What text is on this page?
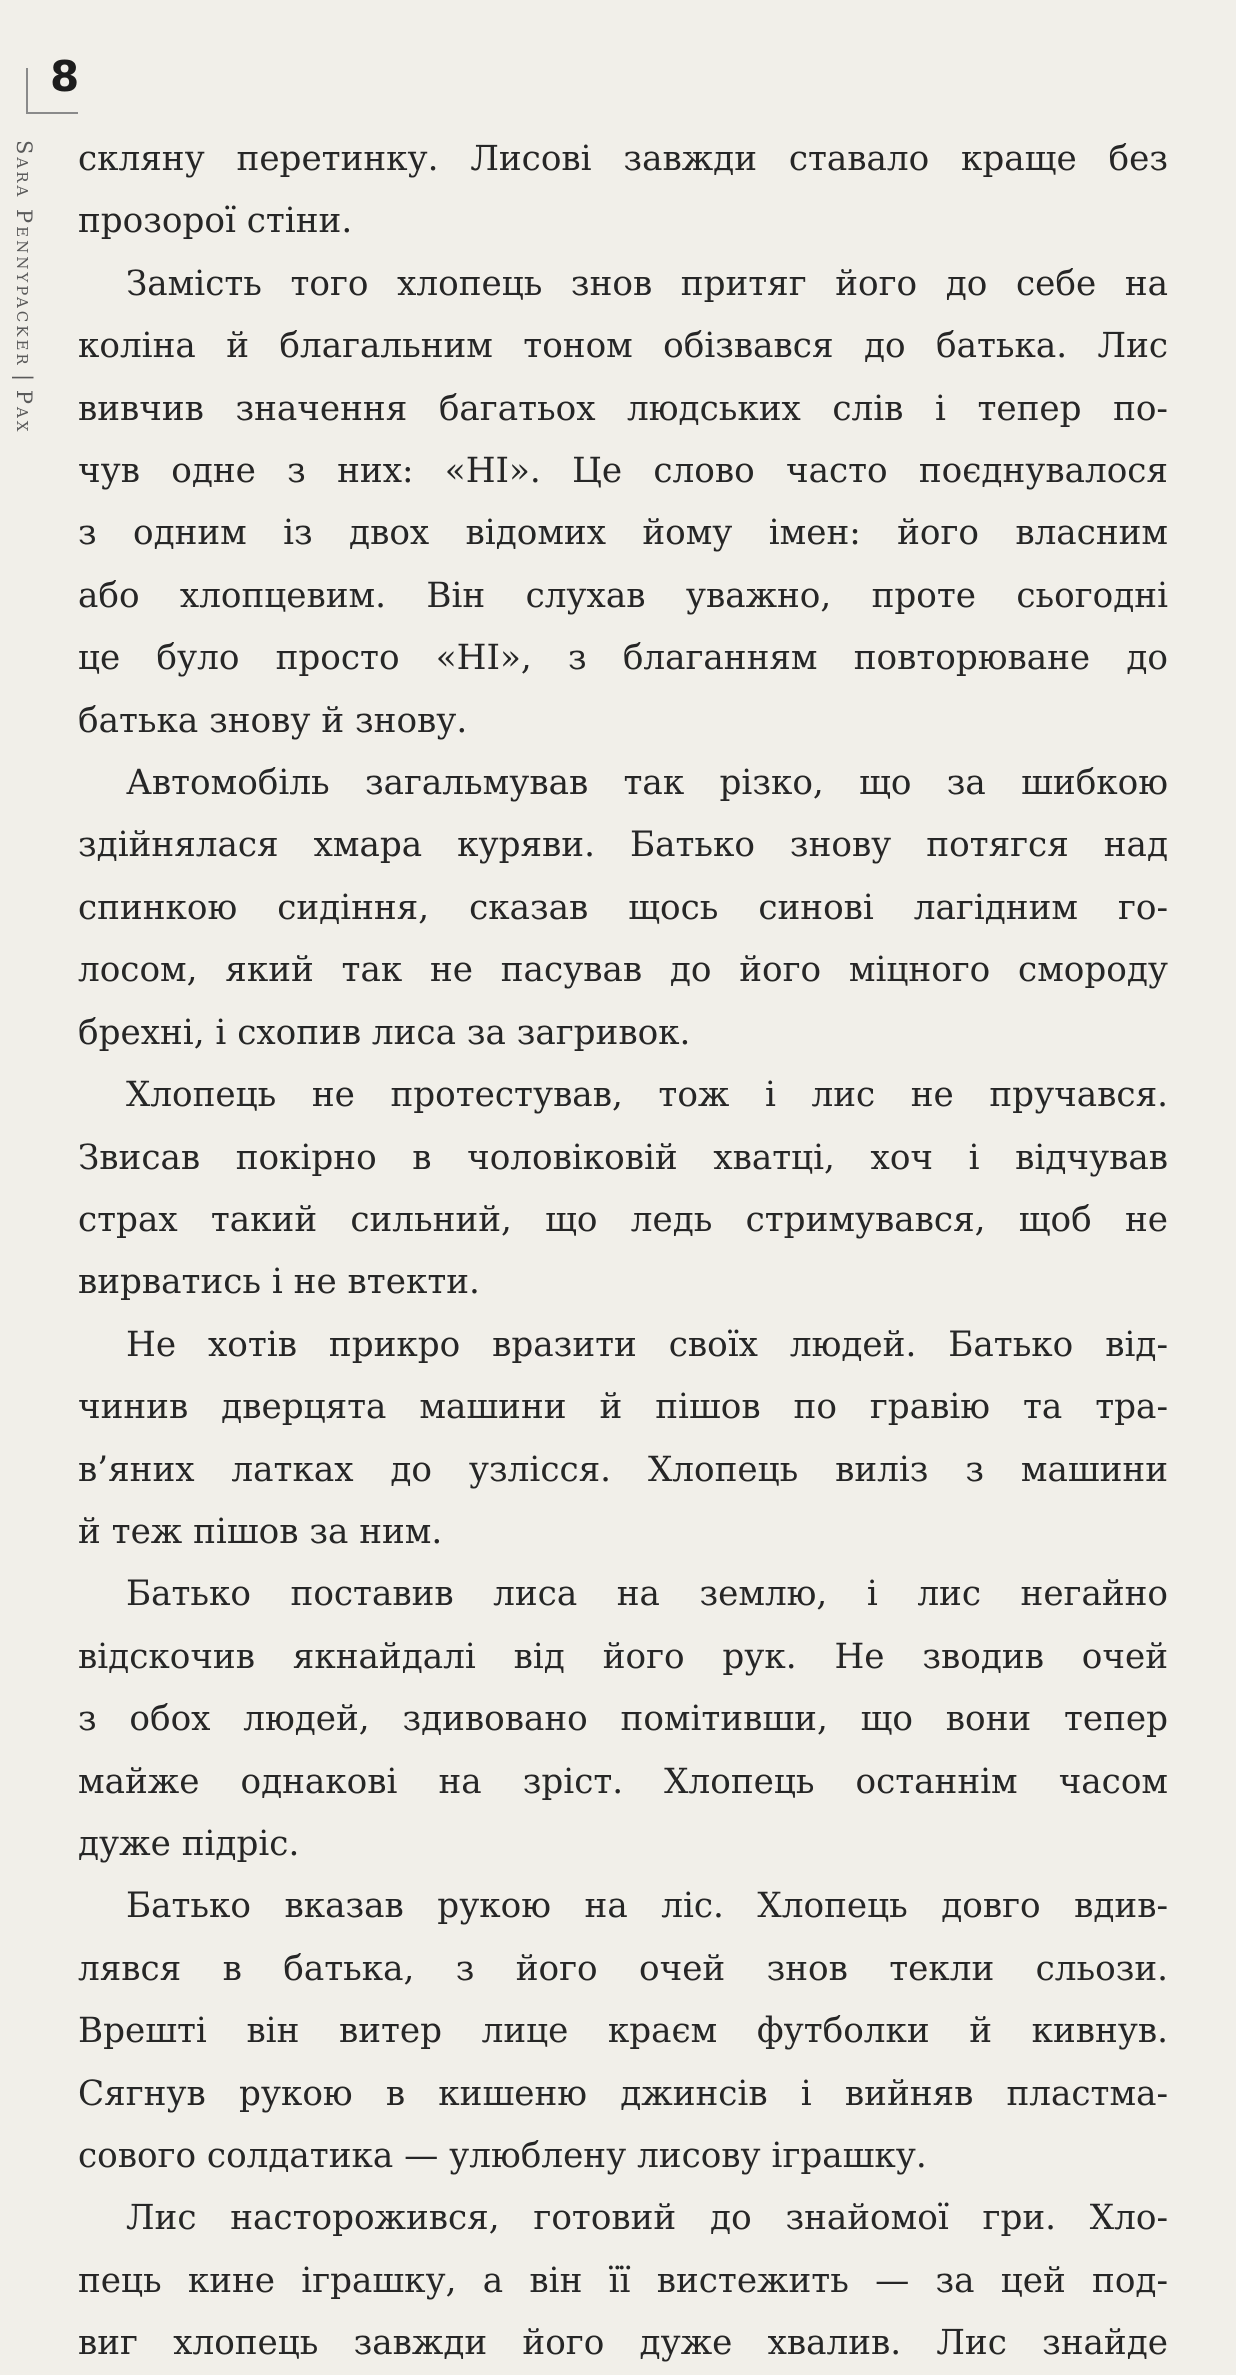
8
Sara Pennypacker|Pax
скляну перетинку. Лисові завжди ставало краще без
прозорої стіни.
Замість того хлопець знов притяг його до себе на
коліна й благальним тоном обізвався до батька. Лис
вивчив значення багатьох людських слів і тепер по-
чув одне з них: «НІ». Це слово часто поєднувалося
з одним із двох відомих йому імен: його власним
або хлопцевим. Він слухав уважно, проте сьогодні
це було просто «НІ», з благанням повторюване до
батька знову й знову.
Автомобіль загальмував так різко, що за шибкою
здійнялася хмара куряви. Батько знову потягся над
спинкою сидіння, сказав щось синові лагідним го-
лосом, який так не пасував до його міцного смороду
брехні, і схопив лиса за загривок.
Хлопець не протестував, тож і лис не пручався.
Звисав покірно в чоловіковій хватці, хоч і відчував
страх такий сильний, що ледь стримувався, щоб не
вирватись і не втекти.
Не хотів прикро вразити своїх людей. Батько від-
чинив дверцята машини й пішов по гравію та тра-
в’яних латках до узлісся. Хлопець виліз з машини
й теж пішов за ним.
Батько поставив лиса на землю, і лис негайно
відскочив якнайдалі від його рук. Не зводив очей
з обох людей, здивовано помітивши, що вони тепер
майже однакові на зріст. Хлопець останнім часом
дуже підріс.
Батько вказав рукою на ліс. Хлопець довго вдив-
лявся в батька, з його очей знов текли сльози.
Врешті він витер лице краєм футболки й кивнув.
Сягнув рукою в кишеню джинсів і вийняв пластма-
сового солдатика — улюблену лисову іграшку.
Лис насторожився, готовий до знайомої гри. Хло-
пець кине іграшку, а він її вистежить — за цей под-
виг хлопець завжди його дуже хвалив. Лис знайде
